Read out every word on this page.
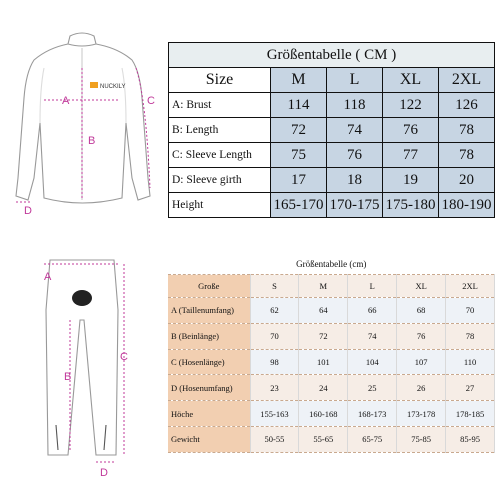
NUCKILY
A
B
C
D
A
B
C
D
Größentabelle ( CM )				
Size	M	L	XL	2XL
A: Brust	114	118	122	126
B: Length	72	74	76	78
C: Sleeve Length	75	76	77	78
D: Sleeve girth	17	18	19	20
Height	165-170	170-175	175-180	180-190
Größentabelle (cm)					
Große	S	M	L	XL	2XL
A (Taillenumfang)	62	64	66	68	70
B (Beinlänge)	70	72	74	76	78
C (Hosenlänge)	98	101	104	107	110
D (Hosenumfang)	23	24	25	26	27
Höche	155-163	160-168	168-173	173-178	178-185
Gewicht	50-55	55-65	65-75	75-85	85-95
